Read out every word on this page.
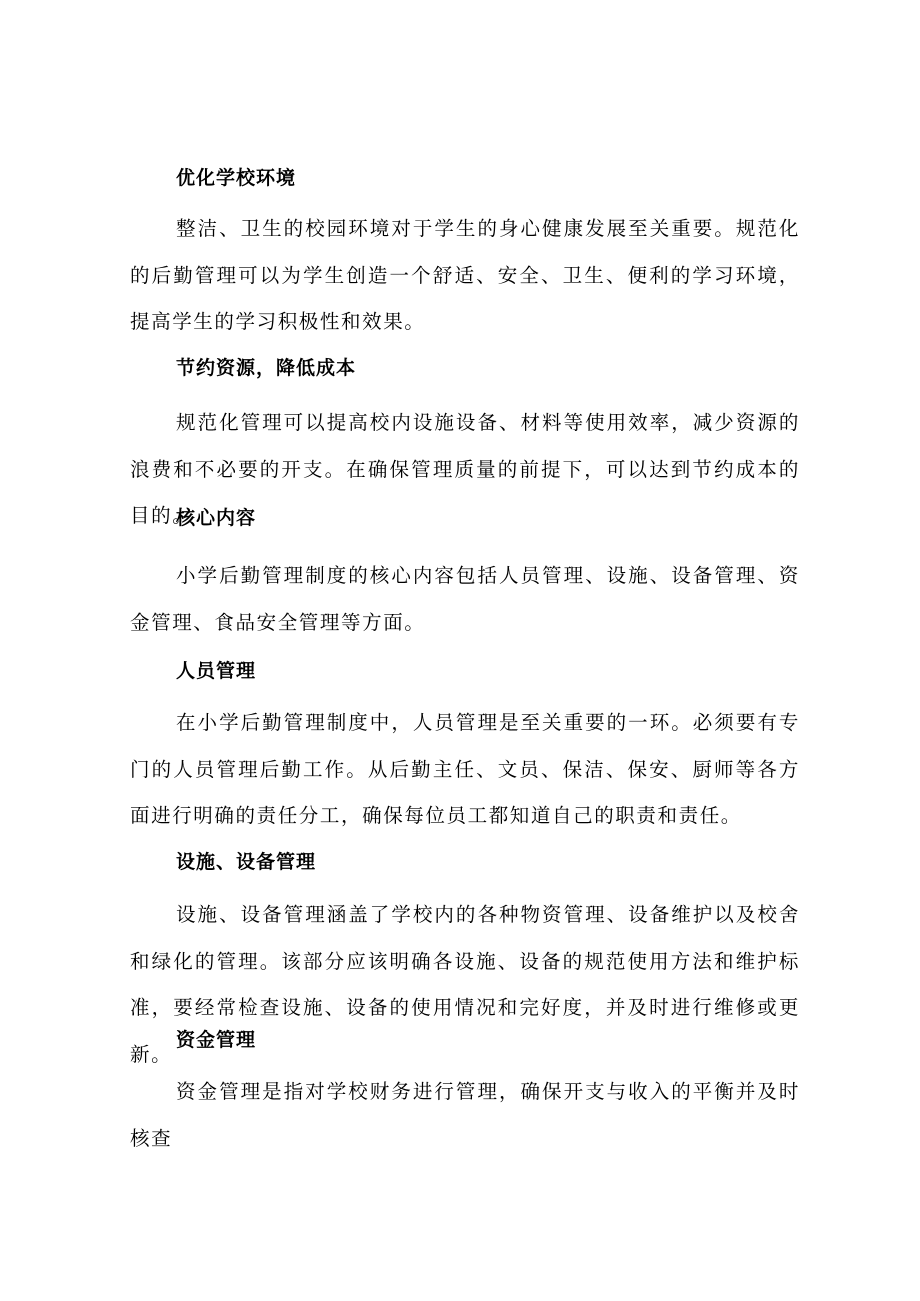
优化学校环境

整洁、卫生的校园环境对于学生的身心健康发展至关重要。规范化的后勤管理可以为学生创造一个舒适、安全、卫生、便利的学习环境，提高学生的学习积极性和效果。

节约资源，降低成本

规范化管理可以提高校内设施设备、材料等使用效率，减少资源的浪费和不必要的开支。在确保管理质量的前提下，可以达到节约成本的目的。

核心内容

小学后勤管理制度的核心内容包括人员管理、设施、设备管理、资金管理、食品安全管理等方面。

人员管理

在小学后勤管理制度中，人员管理是至关重要的一环。必须要有专门的人员管理后勤工作。从后勤主任、文员、保洁、保安、厨师等各方面进行明确的责任分工，确保每位员工都知道自己的职责和责任。

设施、设备管理

设施、设备管理涵盖了学校内的各种物资管理、设备维护以及校舍和绿化的管理。该部分应该明确各设施、设备的规范使用方法和维护标准，要经常检查设施、设备的使用情况和完好度，并及时进行维修或更新。

资金管理

资金管理是指对学校财务进行管理，确保开支与收入的平衡并及时核查
